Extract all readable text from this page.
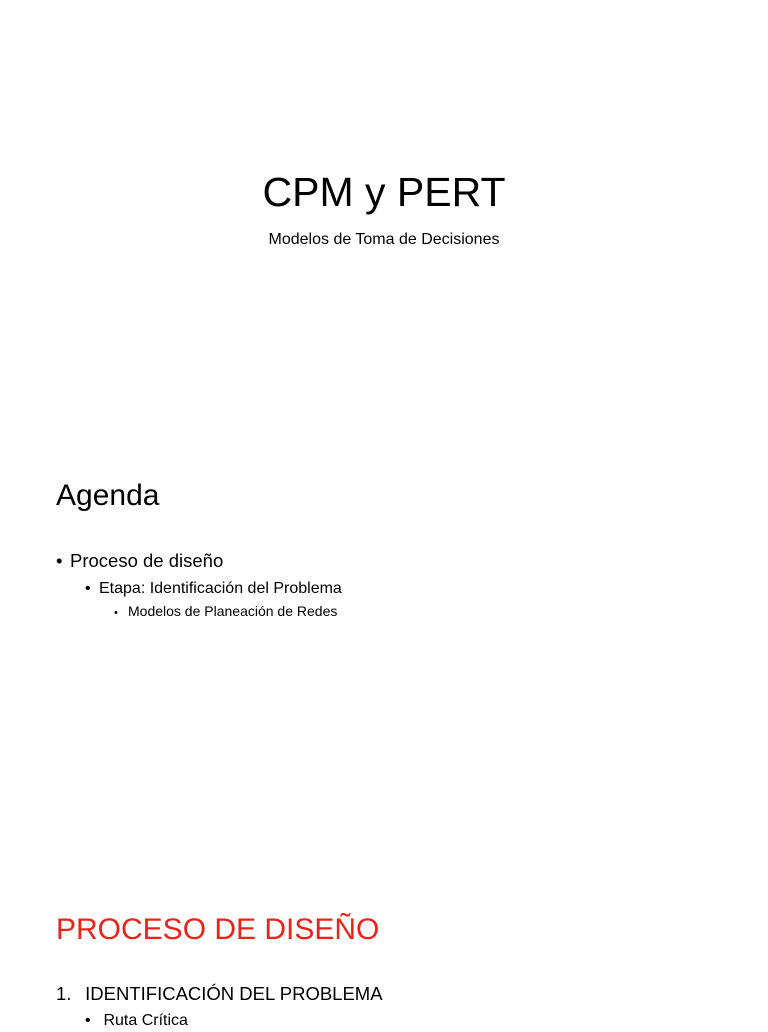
CPM y PERT
Modelos de Toma de Decisiones
Agenda
• Proceso de diseño
• Etapa: Identificación del Problema
• Modelos de Planeación de Redes
PROCESO DE DISEÑO
1. IDENTIFICACIÓN DEL PROBLEMA
• Ruta Crítica
